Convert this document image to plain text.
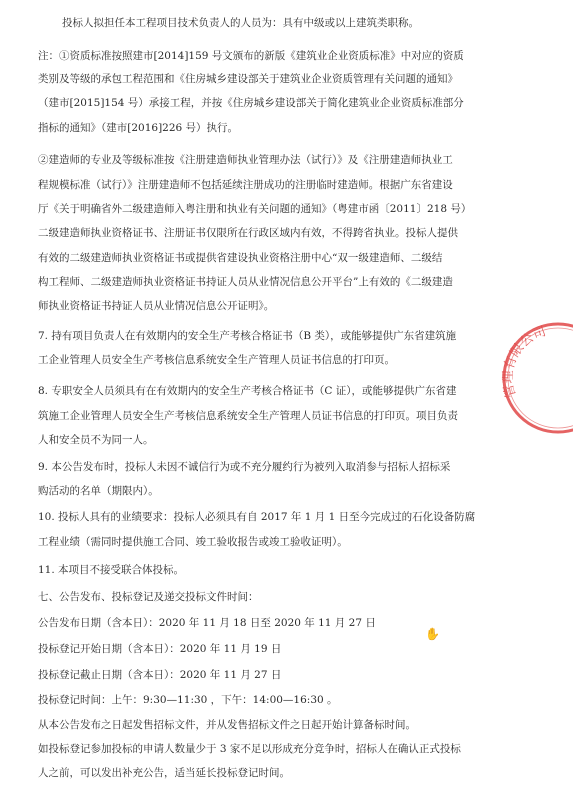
投标人拟担任本工程项目技术负责人的人员为：具有中级或以上建筑类职称。
注：①资质标准按照建市[2014]159 号文颁布的新版《建筑业企业资质标准》中对应的资质
类别及等级的承包工程范围和《住房城乡建设部关于建筑业企业资质管理有关问题的通知》
（建市[2015]154 号）承接工程，并按《住房城乡建设部关于简化建筑业企业资质标准部分
指标的通知》（建市[2016]226 号）执行。
②建造师的专业及等级标准按《注册建造师执业管理办法（试行）》及《注册建造师执业工
程规模标准（试行）》注册建造师不包括延续注册成功的注册临时建造师。根据广东省建设
厅《关于明确省外二级建造师入粤注册和执业有关问题的通知》（粤建市函〔2011〕218 号）
二级建造师执业资格证书、注册证书仅限所在行政区域内有效，不得跨省执业。投标人提供
有效的二级建造师执业资格证书或提供省建设执业资格注册中心“双一级建造师、二级结
构工程师、二级建造师执业资格证书持证人员从业情况信息公开平台”上有效的《二级建造
师执业资格证书持证人员从业情况信息公开证明》。
7. 持有项目负责人在有效期内的安全生产考核合格证书（B 类），或能够提供广东省建筑施
工企业管理人员安全生产考核信息系统安全生产管理人员证书信息的打印页。
8. 专职安全人员须具有在有效期内的安全生产考核合格证书（C 证），或能够提供广东省建
筑施工企业管理人员安全生产考核信息系统安全生产管理人员证书信息的打印页。项目负责
人和安全员不为同一人。
9. 本公告发布时，投标人未因不诚信行为或不充分履约行为被列入取消参与招标人招标采
购活动的名单（期限内）。
10. 投标人具有的业绩要求：投标人必须具有自 2017 年 1 月 1 日至今完成过的石化设备防腐
工程业绩（需同时提供施工合同、竣工验收报告或竣工验收证明）。
11. 本项目不接受联合体投标。
七、公告发布、投标登记及递交投标文件时间：
公告发布日期（含本日）：2020 年 11 月 18 日至 2020 年 11 月 27 日
投标登记开始日期（含本日）：2020 年 11 月 19 日
投标登记截止日期（含本日）：2020 年 11 月 27 日
投标登记时间：上午：9:30—11:30 ，下午：14:00—16:30 。
从本公告发布之日起发售招标文件，并从发售招标文件之日起开始计算备标时间。
如投标登记参加投标的申请人数量少于 3 家不足以形成充分竞争时，招标人在确认正式投标
人之前，可以发出补充公告，适当延长投标登记时间。
管理有限公司
✋
